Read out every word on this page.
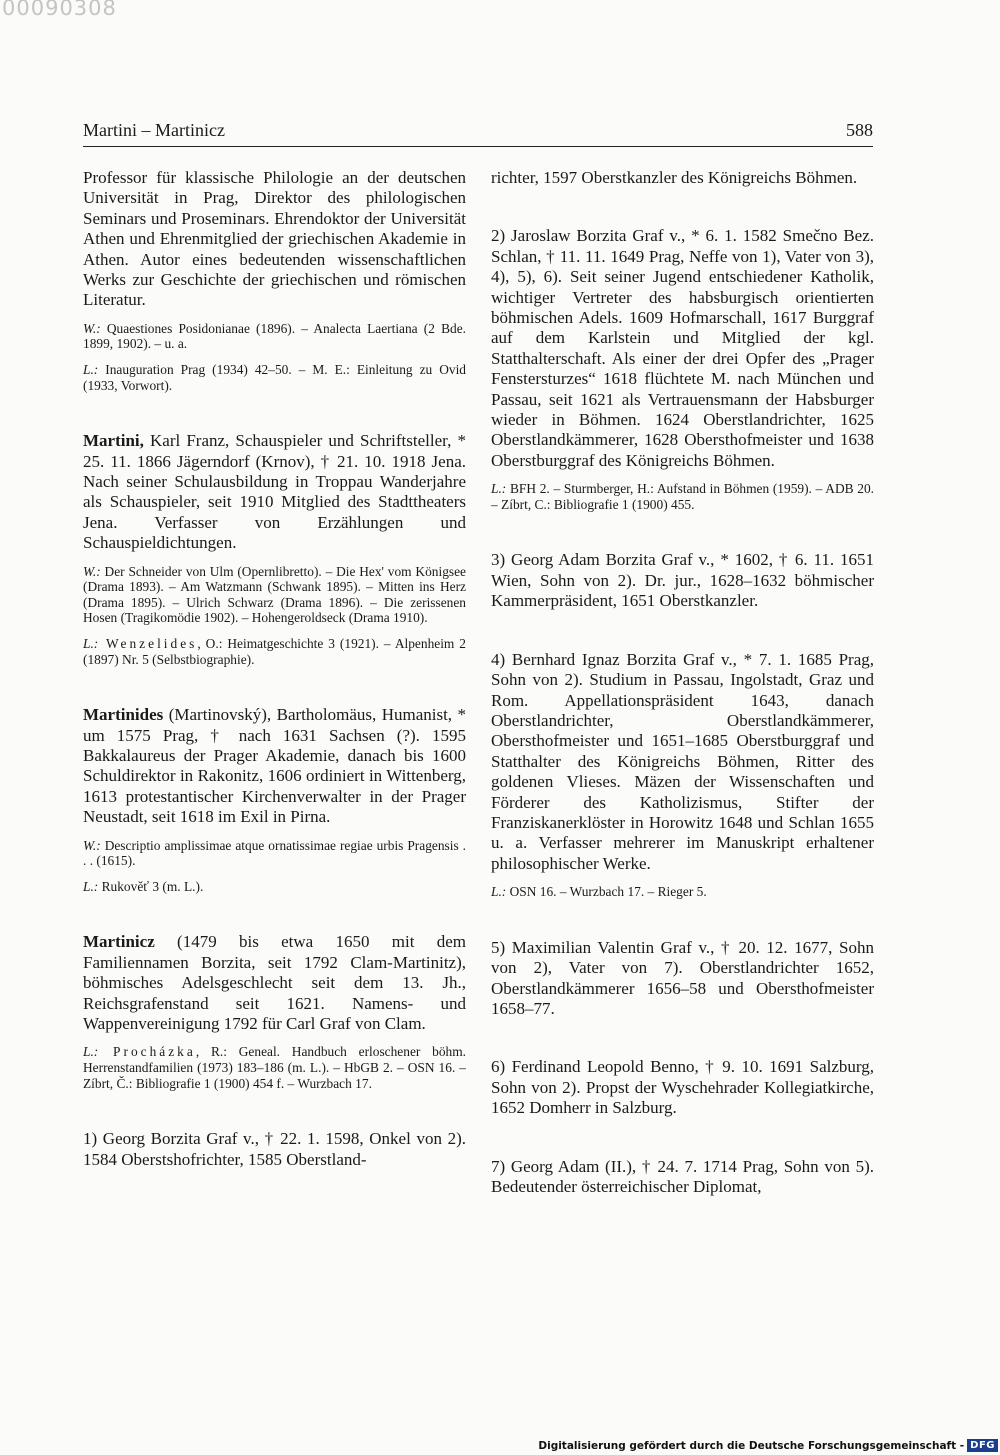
00090308
Martini – Martinicz	588

Professor für klassische Philologie an der deutschen Universität in Prag, Direktor des philologischen Seminars und Proseminars. Ehrendoktor der Universität Athen und Ehrenmitglied der griechischen Akademie in Athen. Autor eines bedeutenden wissenschaftlichen Werks zur Geschichte der griechischen und römischen Literatur.

W.: Quaestiones Posidonianae (1896). – Analecta Laertiana (2 Bde. 1899, 1902). – u. a.
L.: Inauguration Prag (1934) 42–50. – M. E.: Einleitung zu Ovid (1933, Vorwort).
Martini, Karl Franz, Schauspieler und Schriftsteller, * 25. 11. 1866 Jägerndorf (Krnov), † 21. 10. 1918 Jena. Nach seiner Schulausbildung in Troppau Wanderjahre als Schauspieler, seit 1910 Mitglied des Stadttheaters Jena. Verfasser von Erzählungen und Schauspieldichtungen.
W.: Der Schneider von Ulm (Opernlibretto). – Die Hex' vom Königsee (Drama 1893). – Am Watzmann (Schwank 1895). – Mitten ins Herz (Drama 1895). – Ulrich Schwarz (Drama 1896). – Die zerissenen Hosen (Tragikomödie 1902). – Hohengeroldseck (Drama 1910).
L.: Wenzelides, O.: Heimatgeschichte 3 (1921). – Alpenheim 2 (1897) Nr. 5 (Selbstbiographie).
Martinides (Martinovský), Bartholomäus, Humanist, * um 1575 Prag, † nach 1631 Sachsen (?). 1595 Bakkalaureus der Prager Akademie, danach bis 1600 Schuldirektor in Rakonitz, 1606 ordiniert in Wittenberg, 1613 protestantischer Kirchenverwalter in der Prager Neustadt, seit 1618 im Exil in Pirna.
W.: Descriptio amplissimae atque ornatissimae regiae urbis Pragensis . . . (1615).
L.: Rukověť 3 (m. L.).
Martinicz (1479 bis etwa 1650 mit dem Familiennamen Borzita, seit 1792 Clam-Martinitz), böhmisches Adelsgeschlecht seit dem 13. Jh., Reichsgrafenstand seit 1621. Namens- und Wappenvereinigung 1792 für Carl Graf von Clam.
L.: Procházka, R.: Geneal. Handbuch erloschener böhm. Herrenstandfamilien (1973) 183–186 (m. L.). – HbGB 2. – OSN 16. – Zíbrt, Č.: Bibliografie 1 (1900) 454 f. – Wurzbach 17.

1) Georg Borzita Graf v., † 22. 1. 1598, Onkel von 2). 1584 Oberstshofrichter, 1585 Oberstland-

richter, 1597 Oberstkanzler des Königreichs Böhmen.

2) Jaroslaw Borzita Graf v., * 6. 1. 1582 Smečno Bez. Schlan, † 11. 11. 1649 Prag, Neffe von 1), Vater von 3), 4), 5), 6). Seit seiner Jugend entschiedener Katholik, wichtiger Vertreter des habsburgisch orientierten böhmischen Adels. 1609 Hofmarschall, 1617 Burggraf auf dem Karlstein und Mitglied der kgl. Statthalterschaft. Als einer der drei Opfer des „Prager Fenstersturzes“ 1618 flüchtete M. nach München und Passau, seit 1621 als Vertrauensmann der Habsburger wieder in Böhmen. 1624 Oberstlandrichter, 1625 Oberstlandkämmerer, 1628 Obersthofmeister und 1638 Oberstburggraf des Königreichs Böhmen.

L.: BFH 2. – Sturmberger, H.: Aufstand in Böhmen (1959). – ADB 20. – Zíbrt, C.: Bibliografie 1 (1900) 455.

3) Georg Adam Borzita Graf v., * 1602, † 6. 11. 1651 Wien, Sohn von 2). Dr. jur., 1628–1632 böhmischer Kammerpräsident, 1651 Oberstkanzler.

4) Bernhard Ignaz Borzita Graf v., * 7. 1. 1685 Prag, Sohn von 2). Studium in Passau, Ingolstadt, Graz und Rom. Appellationspräsident 1643, danach Oberstlandrichter, Oberstlandkämmerer, Obersthofmeister und 1651–1685 Oberstburggraf und Statthalter des Königreichs Böhmen, Ritter des goldenen Vlieses. Mäzen der Wissenschaften und Förderer des Katholizismus, Stifter der Franziskanerklöster in Horowitz 1648 und Schlan 1655 u. a. Verfasser mehrerer im Manuskript erhaltener philosophischer Werke.

L.: OSN 16. – Wurzbach 17. – Rieger 5.

5) Maximilian Valentin Graf v., † 20. 12. 1677, Sohn von 2), Vater von 7). Oberstlandrichter 1652, Oberstlandkämmerer 1656–58 und Obersthofmeister 1658–77.

6) Ferdinand Leopold Benno, † 9. 10. 1691 Salzburg, Sohn von 2). Propst der Wyschehrader Kollegiatkirche, 1652 Domherr in Salzburg.

7) Georg Adam (II.), † 24. 7. 1714 Prag, Sohn von 5). Bedeutender österreichischer Diplomat,

Digitalisierung gefördert durch die Deutsche Forschungsgemeinschaft - DFG
